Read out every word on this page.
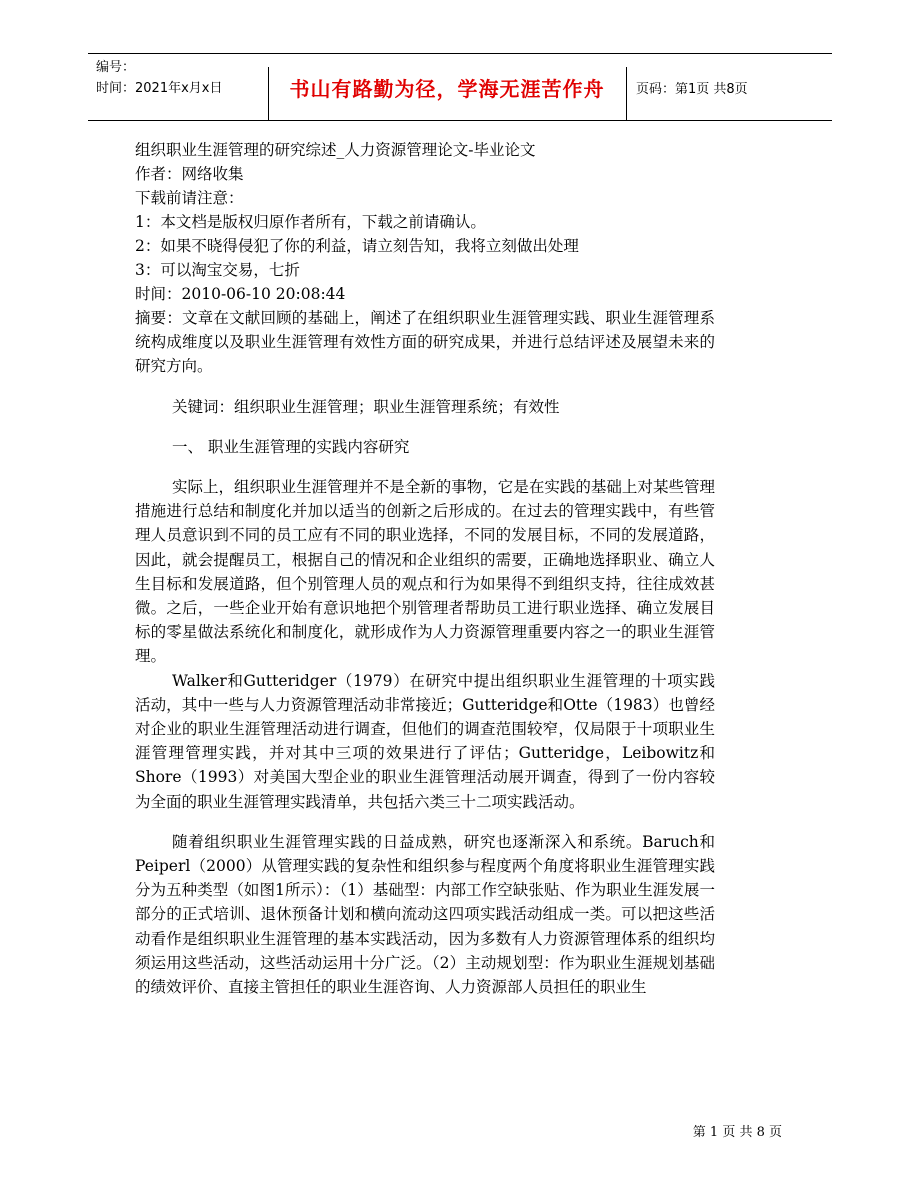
编号：
时间：2021年x月x日	书山有路勤为径，学海无涯苦作舟	页码：第1页 共8页
组织职业生涯管理的研究综述_人力资源管理论文-毕业论文
作者：网络收集
下载前请注意：
1：本文档是版权归原作者所有，下载之前请确认。
2：如果不晓得侵犯了你的利益，请立刻告知，我将立刻做出处理
3：可以淘宝交易，七折
时间：2010-06-10 20:08:44

摘要：文章在文献回顾的基础上，阐述了在组织职业生涯管理实践、职业生涯管理系统构成维度以及职业生涯管理有效性方面的研究成果，并进行总结评述及展望未来的研究方向。

关键词：组织职业生涯管理；职业生涯管理系统；有效性

一、 职业生涯管理的实践内容研究

实际上，组织职业生涯管理并不是全新的事物，它是在实践的基础上对某些管理措施进行总结和制度化并加以适当的创新之后形成的。在过去的管理实践中，有些管理人员意识到不同的员工应有不同的职业选择，不同的发展目标，不同的发展道路，因此，就会提醒员工，根据自己的情况和企业组织的需要，正确地选择职业、确立人生目标和发展道路，但个别管理人员的观点和行为如果得不到组织支持，往往成效甚微。之后，一些企业开始有意识地把个别管理者帮助员工进行职业选择、确立发展目标的零星做法系统化和制度化，就形成作为人力资源管理重要内容之一的职业生涯管理。

Walker和Gutteridger（1979）在研究中提出组织职业生涯管理的十项实践活动，其中一些与人力资源管理活动非常接近；Gutteridge和Otte（1983）也曾经对企业的职业生涯管理活动进行调查，但他们的调查范围较窄，仅局限于十项职业生涯管理管理实践，并对其中三项的效果进行了评估；Gutteridge，Leibowitz和Shore（1993）对美国大型企业的职业生涯管理活动展开调查，得到了一份内容较为全面的职业生涯管理实践清单，共包括六类三十二项实践活动。

随着组织职业生涯管理实践的日益成熟，研究也逐渐深入和系统。Baruch和Peiperl（2000）从管理实践的复杂性和组织参与程度两个角度将职业生涯管理实践分为五种类型（如图1所示）：（1）基础型：内部工作空缺张贴、作为职业生涯发展一部分的正式培训、退休预备计划和横向流动这四项实践活动组成一类。可以把这些活动看作是组织职业生涯管理的基本实践活动，因为多数有人力资源管理体系的组织均须运用这些活动，这些活动运用十分广泛。（2）主动规划型：作为职业生涯规划基础的绩效评价、直接主管担任的职业生涯咨询、人力资源部人员担任的职业生

第 1 页 共 8 页
